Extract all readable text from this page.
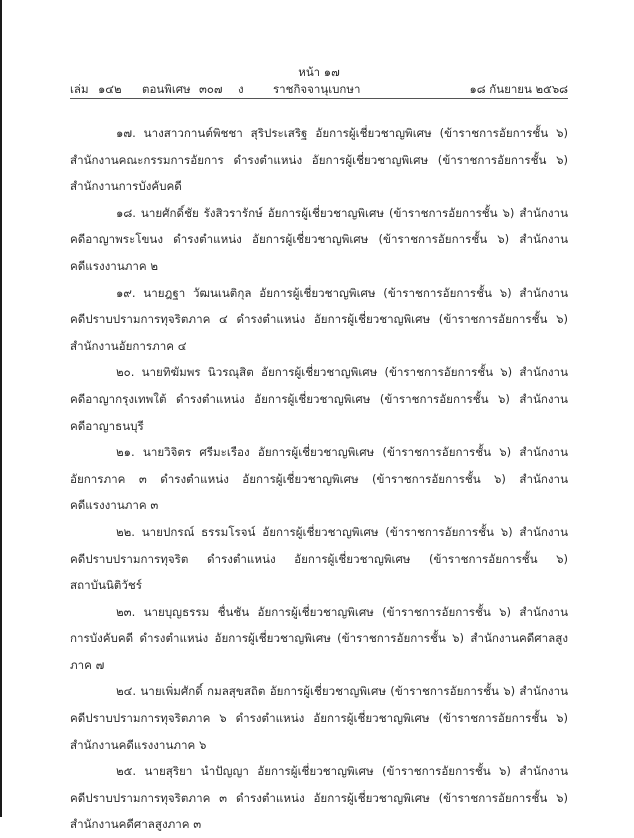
หน้า ๑๗
เล่ม ๑๔๒ ตอนพิเศษ ๓๐๗ ง	ราชกิจจานุเบกษา	๑๘ กันยายน ๒๕๖๘

๑๗. นางสาวกานต์พิชชา สุริประเสริฐ อัยการผู้เชี่ยวชาญพิเศษ (ข้าราชการอัยการชั้น ๖)
สำนักงานคณะกรรมการอัยการ ดำรงตำแหน่ง อัยการผู้เชี่ยวชาญพิเศษ (ข้าราชการอัยการชั้น ๖)
สำนักงานการบังคับคดี

๑๘. นายศักดิ์ชัย รังสิวรารักษ์ อัยการผู้เชี่ยวชาญพิเศษ (ข้าราชการอัยการชั้น ๖) สำนักงาน
คดีอาญาพระโขนง ดำรงตำแหน่ง อัยการผู้เชี่ยวชาญพิเศษ (ข้าราชการอัยการชั้น ๖) สำนักงาน
คดีแรงงานภาค ๒

๑๙. นายฎฐา วัฒนเนติกุล อัยการผู้เชี่ยวชาญพิเศษ (ข้าราชการอัยการชั้น ๖) สำนักงาน
คดีปราบปรามการทุจริตภาค ๔ ดำรงตำแหน่ง อัยการผู้เชี่ยวชาญพิเศษ (ข้าราชการอัยการชั้น ๖)
สำนักงานอัยการภาค ๔

๒๐. นายทิฆัมพร นิวรณุสิต อัยการผู้เชี่ยวชาญพิเศษ (ข้าราชการอัยการชั้น ๖) สำนักงาน
คดีอาญากรุงเทพใต้ ดำรงตำแหน่ง อัยการผู้เชี่ยวชาญพิเศษ (ข้าราชการอัยการชั้น ๖) สำนักงาน
คดีอาญาธนบุรี

๒๑. นายวิจิตร ศรีมะเรือง อัยการผู้เชี่ยวชาญพิเศษ (ข้าราชการอัยการชั้น ๖) สำนักงาน
อัยการภาค ๓ ดำรงตำแหน่ง อัยการผู้เชี่ยวชาญพิเศษ (ข้าราชการอัยการชั้น ๖) สำนักงาน
คดีแรงงานภาค ๓

๒๒. นายปกรณ์ ธรรมโรจน์ อัยการผู้เชี่ยวชาญพิเศษ (ข้าราชการอัยการชั้น ๖) สำนักงาน
คดีปราบปรามการทุจริต ดำรงตำแหน่ง อัยการผู้เชี่ยวชาญพิเศษ (ข้าราชการอัยการชั้น ๖)
สถาบันนิติวัชร์

๒๓. นายบุญธรรม ชื่นชัน อัยการผู้เชี่ยวชาญพิเศษ (ข้าราชการอัยการชั้น ๖) สำนักงาน
การบังคับคดี ดำรงตำแหน่ง อัยการผู้เชี่ยวชาญพิเศษ (ข้าราชการอัยการชั้น ๖) สำนักงานคดีศาลสูง
ภาค ๗

๒๔. นายเพิ่มศักดิ์ กมลสุขสถิต อัยการผู้เชี่ยวชาญพิเศษ (ข้าราชการอัยการชั้น ๖) สำนักงาน
คดีปราบปรามการทุจริตภาค ๖ ดำรงตำแหน่ง อัยการผู้เชี่ยวชาญพิเศษ (ข้าราชการอัยการชั้น ๖)
สำนักงานคดีแรงงานภาค ๖

๒๕. นายสุริยา นำปัญญา อัยการผู้เชี่ยวชาญพิเศษ (ข้าราชการอัยการชั้น ๖) สำนักงาน
คดีปราบปรามการทุจริตภาค ๓ ดำรงตำแหน่ง อัยการผู้เชี่ยวชาญพิเศษ (ข้าราชการอัยการชั้น ๖)
สำนักงานคดีศาลสูงภาค ๓
